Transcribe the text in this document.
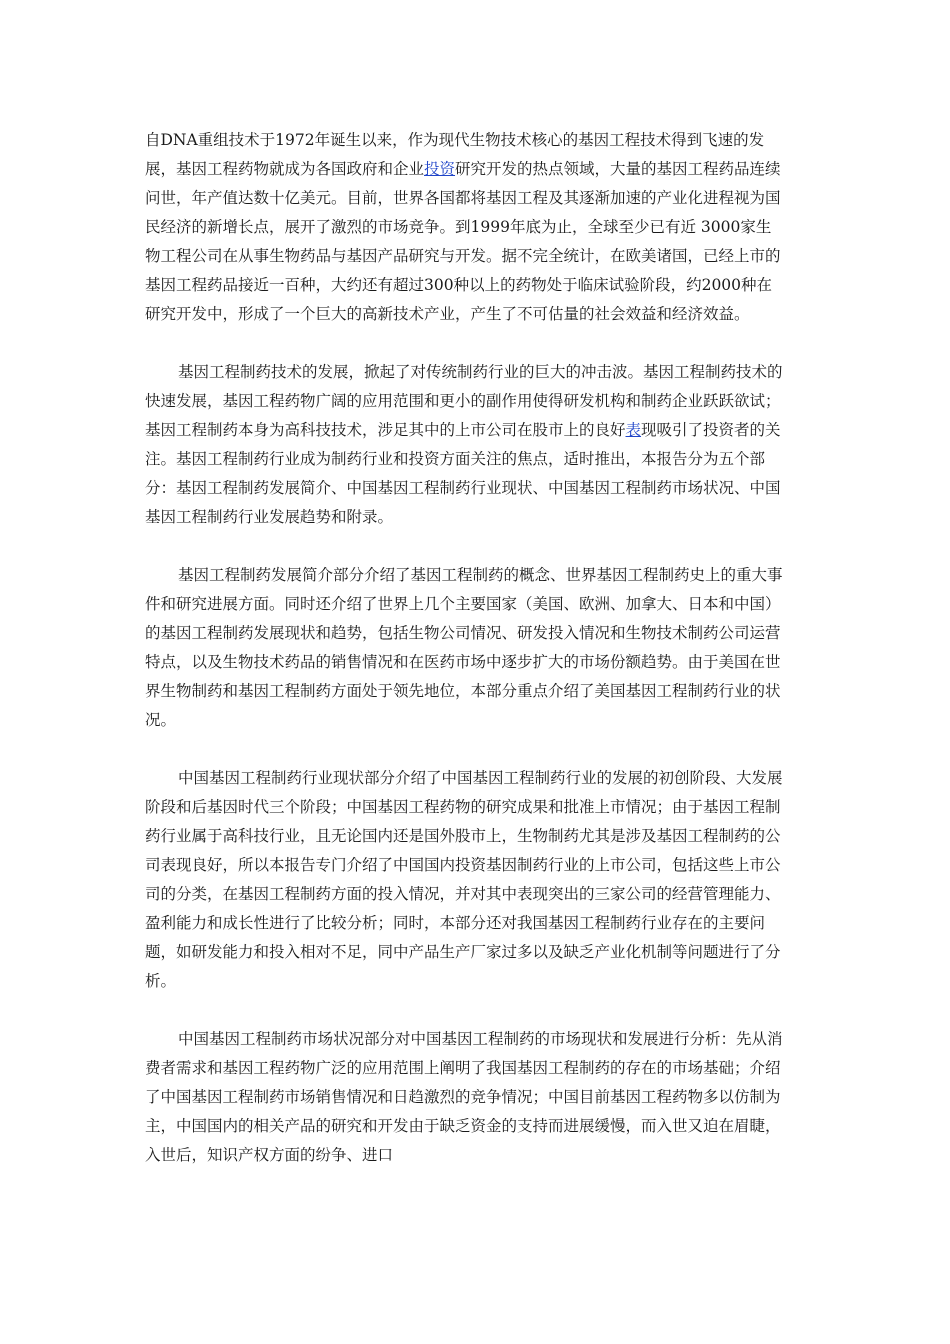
自DNA重组技术于1972年诞生以来，作为现代生物技术核心的基因工程技术得到飞速的发展，基因工程药物就成为各国政府和企业投资研究开发的热点领域，大量的基因工程药品连续问世，年产值达数十亿美元。目前，世界各国都将基因工程及其逐渐加速的产业化进程视为国民经济的新增长点，展开了激烈的市场竞争。到1999年底为止，全球至少已有近 3000家生物工程公司在从事生物药品与基因产品研究与开发。据不完全统计，在欧美诸国，已经上市的基因工程药品接近一百种，大约还有超过300种以上的药物处于临床试验阶段，约2000种在研究开发中，形成了一个巨大的高新技术产业，产生了不可估量的社会效益和经济效益。

基因工程制药技术的发展，掀起了对传统制药行业的巨大的冲击波。基因工程制药技术的快速发展，基因工程药物广阔的应用范围和更小的副作用使得研发机构和制药企业跃跃欲试；基因工程制药本身为高科技技术，涉足其中的上市公司在股市上的良好表现吸引了投资者的关注。基因工程制药行业成为制药行业和投资方面关注的焦点，适时推出，本报告分为五个部分：基因工程制药发展简介、中国基因工程制药行业现状、中国基因工程制药市场状况、中国基因工程制药行业发展趋势和附录。

基因工程制药发展简介部分介绍了基因工程制药的概念、世界基因工程制药史上的重大事件和研究进展方面。同时还介绍了世界上几个主要国家（美国、欧洲、加拿大、日本和中国）的基因工程制药发展现状和趋势，包括生物公司情况、研发投入情况和生物技术制药公司运营特点，以及生物技术药品的销售情况和在医药市场中逐步扩大的市场份额趋势。由于美国在世界生物制药和基因工程制药方面处于领先地位，本部分重点介绍了美国基因工程制药行业的状况。

中国基因工程制药行业现状部分介绍了中国基因工程制药行业的发展的初创阶段、大发展阶段和后基因时代三个阶段；中国基因工程药物的研究成果和批准上市情况；由于基因工程制药行业属于高科技行业，且无论国内还是国外股市上，生物制药尤其是涉及基因工程制药的公司表现良好，所以本报告专门介绍了中国国内投资基因制药行业的上市公司，包括这些上市公司的分类，在基因工程制药方面的投入情况，并对其中表现突出的三家公司的经营管理能力、盈利能力和成长性进行了比较分析；同时，本部分还对我国基因工程制药行业存在的主要问题，如研发能力和投入相对不足，同中产品生产厂家过多以及缺乏产业化机制等问题进行了分析。

中国基因工程制药市场状况部分对中国基因工程制药的市场现状和发展进行分析：先从消费者需求和基因工程药物广泛的应用范围上阐明了我国基因工程制药的存在的市场基础；介绍了中国基因工程制药市场销售情况和日趋激烈的竞争情况；中国目前基因工程药物多以仿制为主，中国国内的相关产品的研究和开发由于缺乏资金的支持而进展缓慢，而入世又迫在眉睫，入世后，知识产权方面的纷争、进口
